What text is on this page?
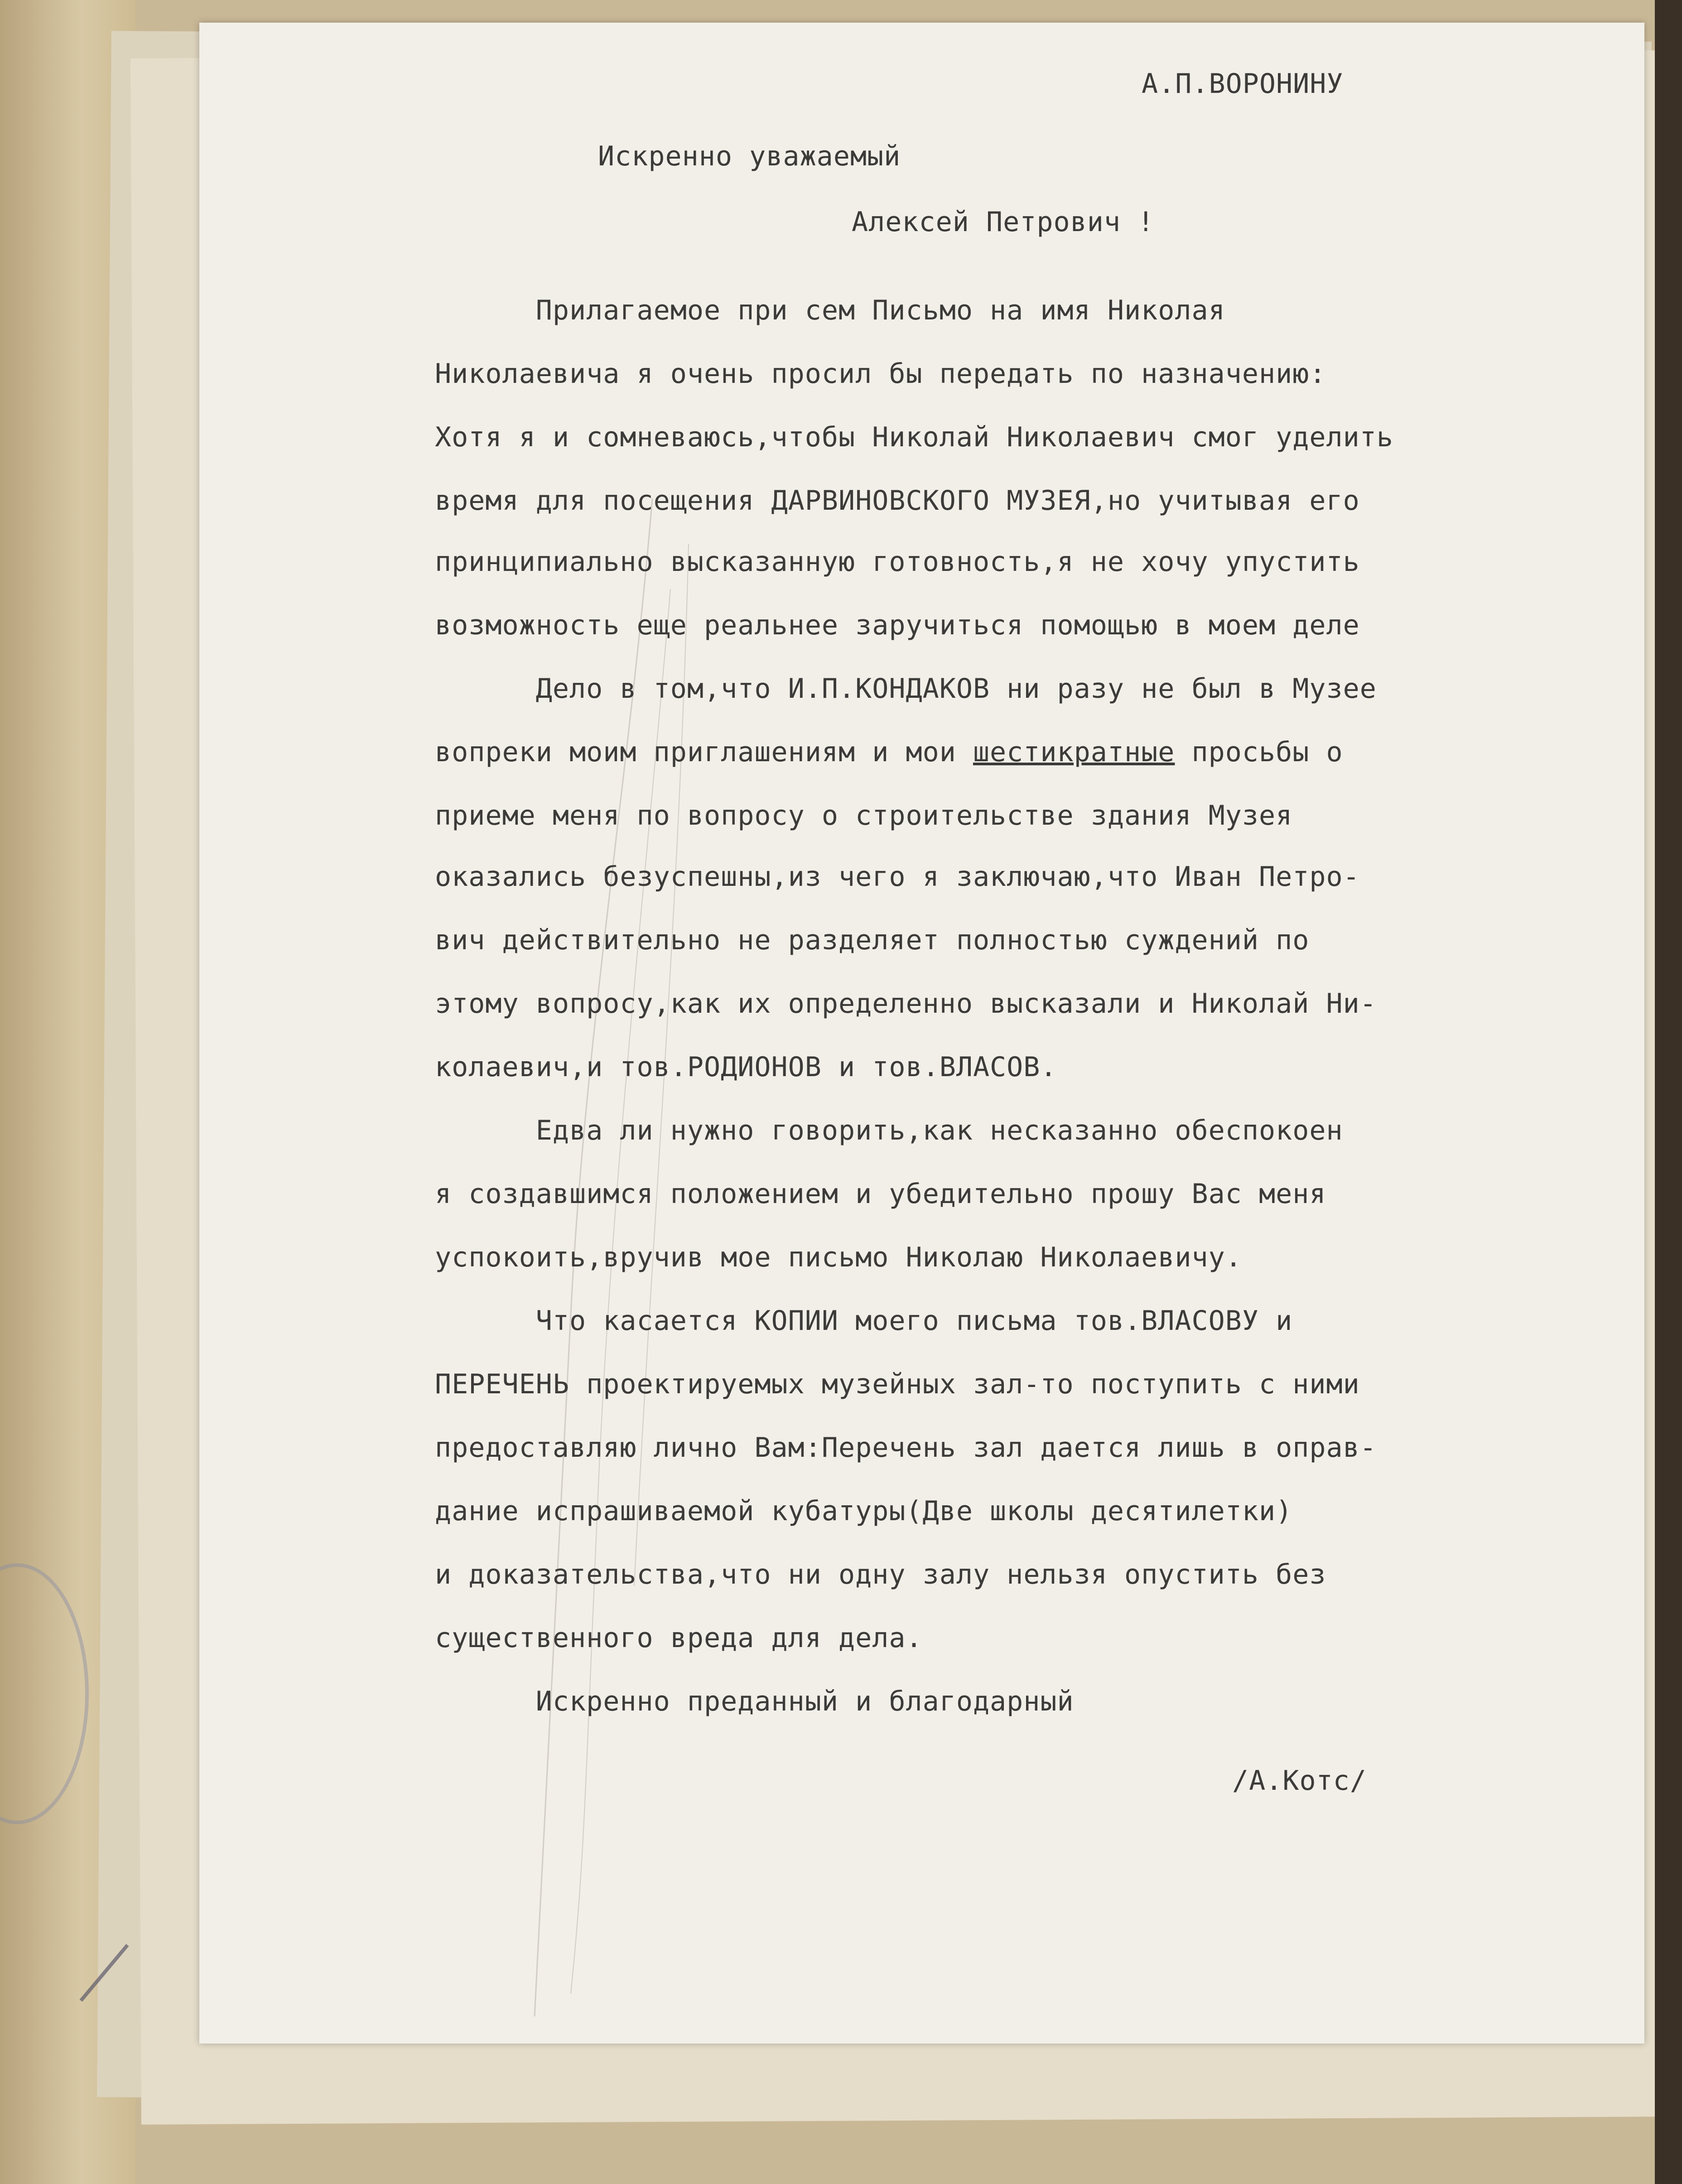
А.П.ВОРОНИНУ
Искренно уважаемый
Алексей Петрович !
Прилагаемое при сем Письмо на имя Николая
Николаевича я очень просил бы передать по назначению:
Хотя я и сомневаюсь,чтобы Николай Николаевич смог уделить
время для посещения ДАРВИНОВСКОГО МУЗЕЯ,но учитывая его
принципиально высказанную готовность,я не хочу упустить
возможность еще реальнее заручиться помощью в моем деле
Дело в том,что И.П.КОНДАКОВ ни разу не был в Музее
вопреки моим приглашениям и мои шестикратные просьбы о
приеме меня по вопросу о строительстве здания Музея
оказались безуспешны,из чего я заключаю,что Иван Петро-
вич действительно не разделяет полностью суждений по
этому вопросу,как их определенно высказали и Николай Ни-
колаевич,и тов.РОДИОНОВ и тов.ВЛАСОВ.
Едва ли нужно говорить,как несказанно обеспокоен
я создавшимся положением и убедительно прошу Вас меня
успокоить,вручив мое письмо Николаю Николаевичу.
Что касается КОПИИ моего письма тов.ВЛАСОВУ и
ПЕРЕЧЕНЬ проектируемых музейных зал-то поступить с ними
предоставляю лично Вам:Перечень зал дается лишь в оправ-
дание испрашиваемой кубатуры(Две школы десятилетки)
и доказательства,что ни одну залу нельзя опустить без
существенного вреда для дела.
Искренно преданный и благодарный
/А.Котс/
